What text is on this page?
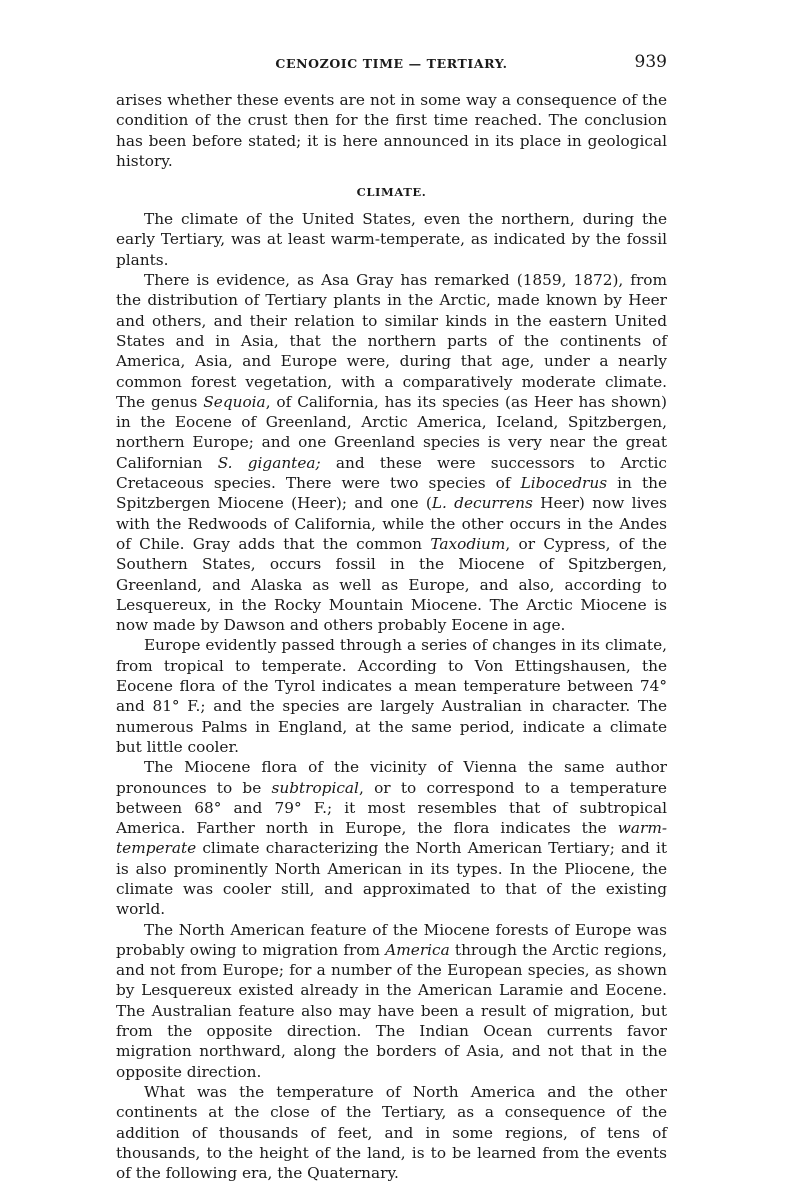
CENOZOIC TIME — TERTIARY.	939

arises whether these events are not in some way a consequence of the condition of the crust then for the first time reached. The conclusion has been before stated; it is here announced in its place in geological history.

CLIMATE.

The climate of the United States, even the northern, during the early Tertiary, was at least warm-temperate, as indicated by the fossil plants.

There is evidence, as Asa Gray has remarked (1859, 1872), from the distribution of Tertiary plants in the Arctic, made known by Heer and others, and their relation to similar kinds in the eastern United States and in Asia, that the northern parts of the continents of America, Asia, and Europe were, during that age, under a nearly common forest vegetation, with a comparatively moderate climate. The genus Sequoia, of California, has its species (as Heer has shown) in the Eocene of Greenland, Arctic America, Iceland, Spitzbergen, northern Europe; and one Greenland species is very near the great Californian S. gigantea; and these were successors to Arctic Cretaceous species. There were two species of Libocedrus in the Spitzbergen Miocene (Heer); and one (L. decurrens Heer) now lives with the Redwoods of California, while the other occurs in the Andes of Chile. Gray adds that the common Taxodium, or Cypress, of the Southern States, occurs fossil in the Miocene of Spitzbergen, Greenland, and Alaska as well as Europe, and also, according to Lesquereux, in the Rocky Mountain Miocene. The Arctic Miocene is now made by Dawson and others probably Eocene in age.

Europe evidently passed through a series of changes in its climate, from tropical to temperate. According to Von Ettingshausen, the Eocene flora of the Tyrol indicates a mean temperature between 74° and 81° F.; and the species are largely Australian in character. The numerous Palms in England, at the same period, indicate a climate but little cooler.

The Miocene flora of the vicinity of Vienna the same author pronounces to be subtropical, or to correspond to a temperature between 68° and 79° F.; it most resembles that of subtropical America. Farther north in Europe, the flora indicates the warm-temperate climate characterizing the North American Tertiary; and it is also prominently North American in its types. In the Pliocene, the climate was cooler still, and approximated to that of the existing world.

The North American feature of the Miocene forests of Europe was probably owing to migration from America through the Arctic regions, and not from Europe; for a number of the European species, as shown by Lesquereux existed already in the American Laramie and Eocene. The Australian feature also may have been a result of migration, but from the opposite direction. The Indian Ocean currents favor migration northward, along the borders of Asia, and not that in the opposite direction.

What was the temperature of North America and the other continents at the close of the Tertiary, as a consequence of the addition of thousands of feet, and in some regions, of tens of thousands, to the height of the land, is to be learned from the events of the following era, the Quaternary.
